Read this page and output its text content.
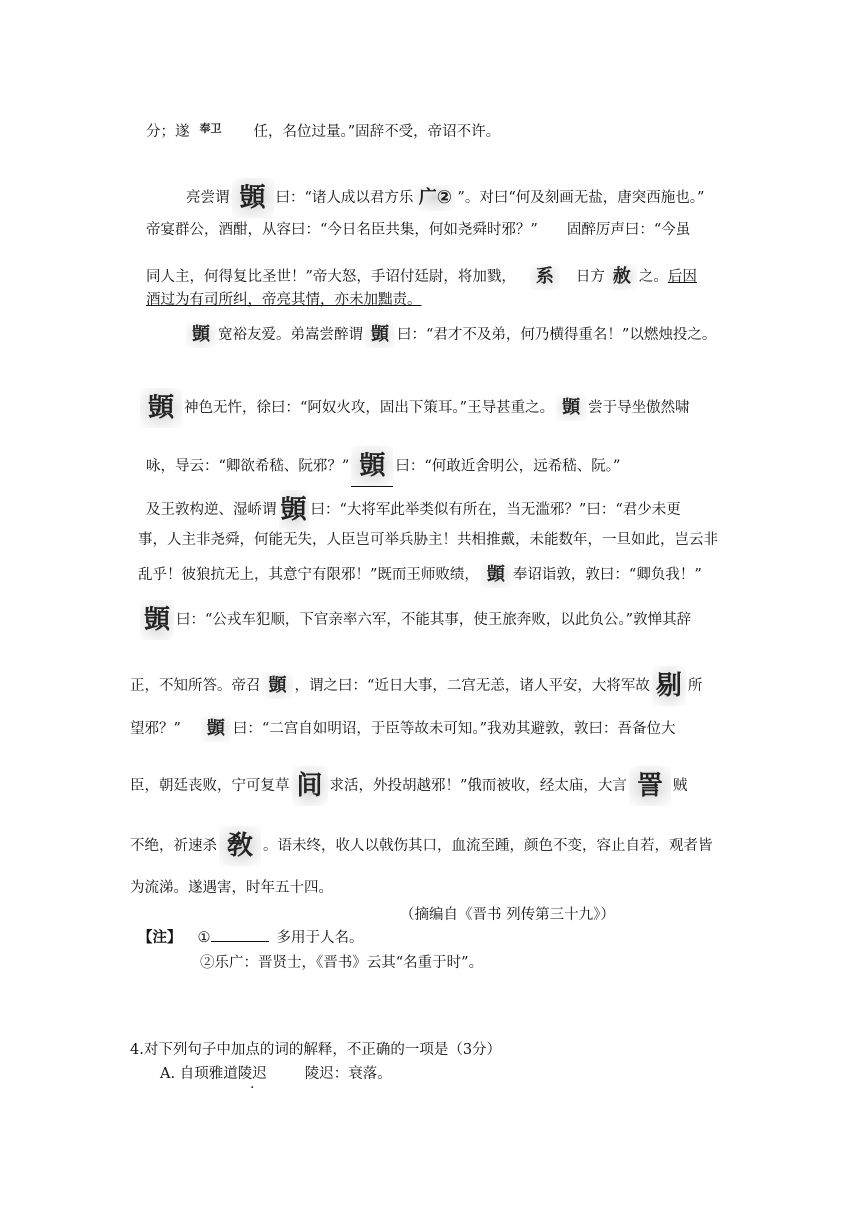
分；遂 奉卫 任，名位过量。”固辞不受，帝诏不许。
亮尝谓 顗 曰：“诸人成以君方乐 广② ”。对曰“何及刻画无盐，唐突西施也。”
帝宴群公，酒酣，从容曰：“今日名臣共集，何如尧舜时邪？”　　固醉厉声曰：“今虽
同人主，何得复比圣世！”帝大怒，手诏付廷尉，将加戮， 系 日方 赦 之。后因
酒过为有司所纠，帝亮其情，亦未加黜责。
顗 宽裕友爱。弟嵩尝醉谓 顗 曰：“君才不及弟，何乃横得重名！”以燃烛投之。
顗 神色无忤，徐曰：“阿奴火攻，固出下策耳。”王导甚重之。 顗 尝于导坐傲然啸
咏，导云：“卿欲希嵇、阮邪？” 顗 曰：“何敢近舍明公，远希嵇、阮。”
及王敦构逆、湿峤谓 顗 曰：“大将军此举类似有所在，当无滥邪？”曰：“君少未更
事，人主非尧舜，何能无失，人臣岂可举兵胁主！共相推戴，未能数年，一旦如此，岂云非
乱乎！彼狼抗无上，其意宁有限邪！”既而王师败绩， 顗 奉诏诣敦，敦曰：“卿负我！”
顗 曰：“公戎车犯顺，下官亲率六军，不能其事，使王旅奔败，以此负公。”敦惮其辞
正，不知所答。帝召 顗 ，谓之曰：“近日大事，二宫无恙，诸人平安，大将军故 剔 所
望邪？” 顗 曰：“二宫自如明诏，于臣等故未可知。”我劝其避敦，敦曰：吾备位大
臣，朝廷丧败，宁可复草 间 求活，外投胡越邪！”俄而被收，经太庙，大言 詈 贼
不绝，祈速杀 敎 。语未终，收人以戟伤其口，血流至踵，颜色不变，容止自若，观者皆
为流涕。遂遇害，时年五十四。
（摘编自《晋书 列传第三十九》）
【注】 ①	多用于人名。
②乐广：晋贤士，《晋书》云其“名重于时”。
4.对下列句子中加点的词的解释，不正确的一项是（3分）
A. 自顼雅道陵迟	陵迟：衰落。
